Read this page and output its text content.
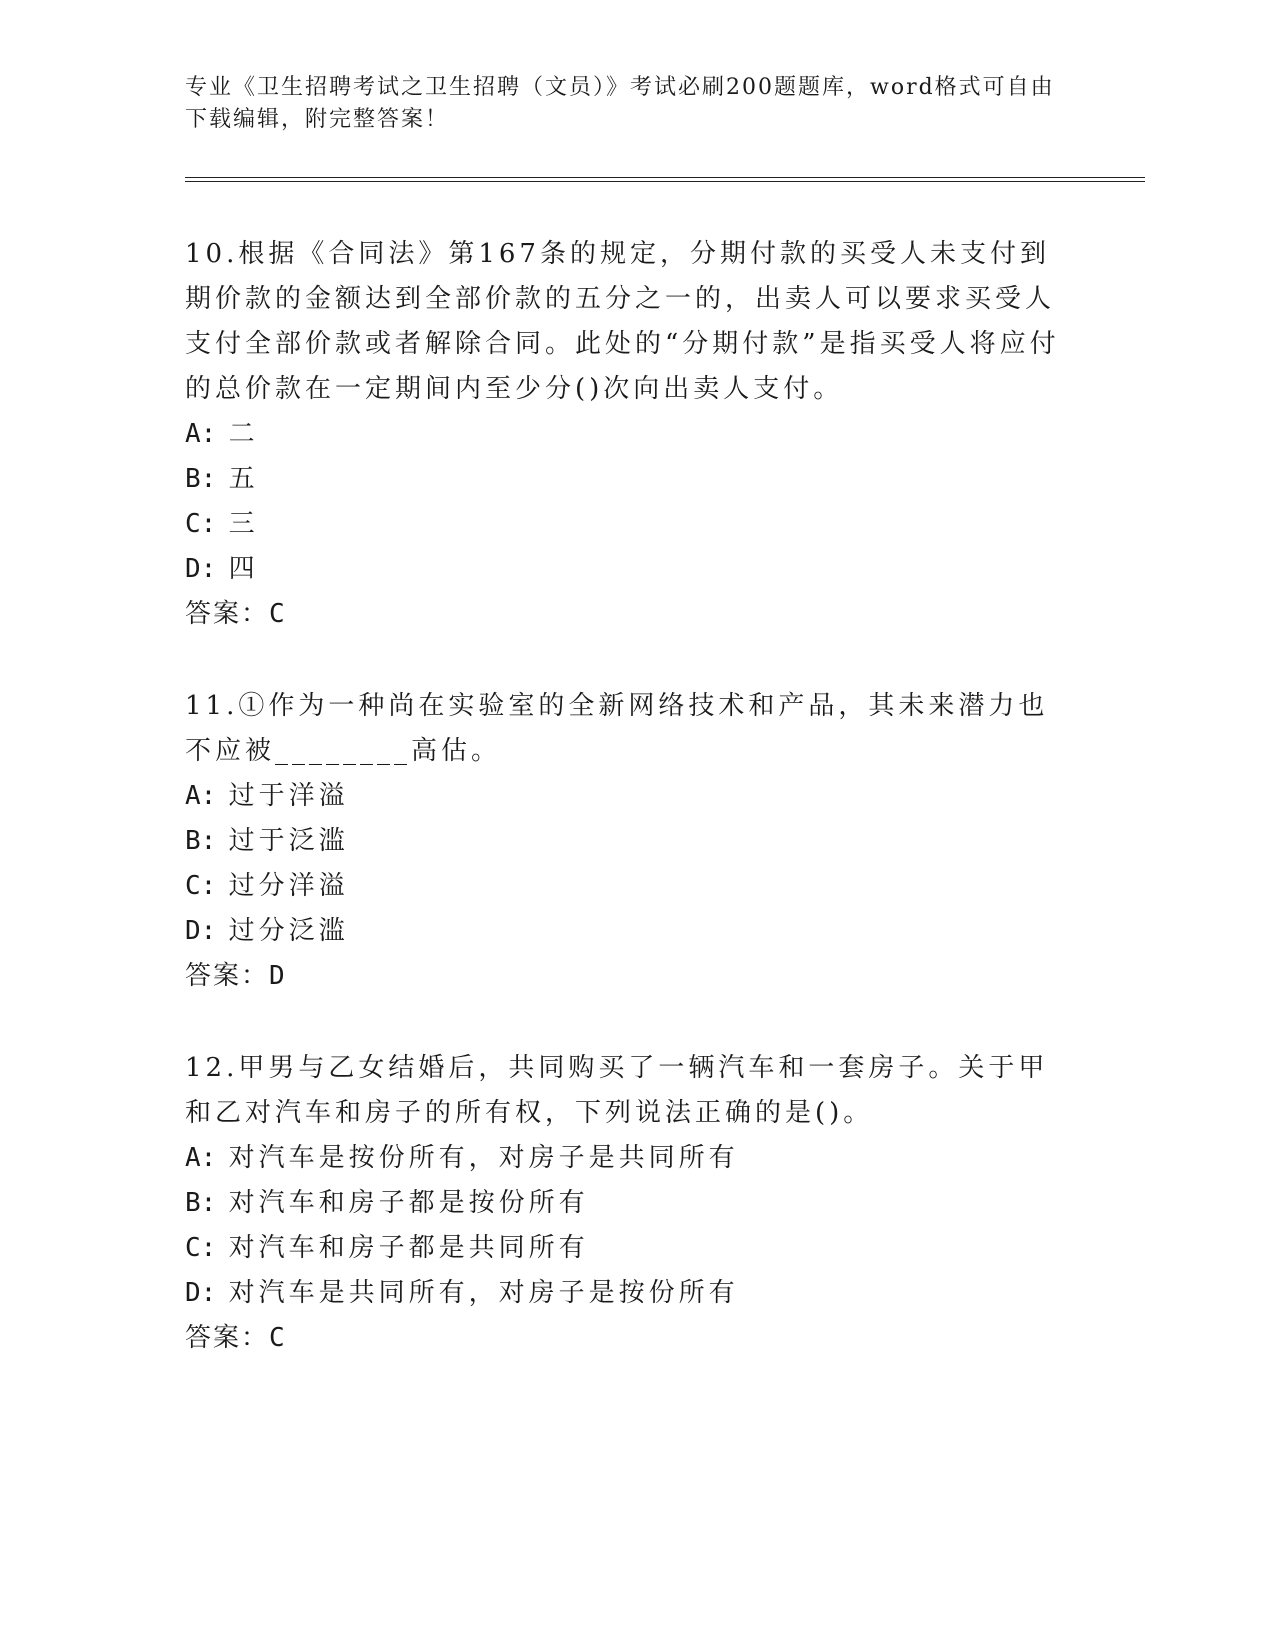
专业《卫生招聘考试之卫生招聘（文员）》考试必刷200题题库，word格式可自由下载编辑，附完整答案！

10.根据《合同法》第167条的规定，分期付款的买受人未支付到期价款的金额达到全部价款的五分之一的，出卖人可以要求买受人支付全部价款或者解除合同。此处的“分期付款”是指买受人将应付的总价款在一定期间内至少分()次向出卖人支付。

A: 二

B: 五

C: 三

D: 四

答案：C

11.①作为一种尚在实验室的全新网络技术和产品，其未来潜力也不应被________高估。

A: 过于洋溢

B: 过于泛滥

C: 过分洋溢

D: 过分泛滥

答案：D

12.甲男与乙女结婚后，共同购买了一辆汽车和一套房子。关于甲和乙对汽车和房子的所有权，下列说法正确的是()。

A: 对汽车是按份所有，对房子是共同所有

B: 对汽车和房子都是按份所有

C: 对汽车和房子都是共同所有

D: 对汽车是共同所有，对房子是按份所有

答案：C
